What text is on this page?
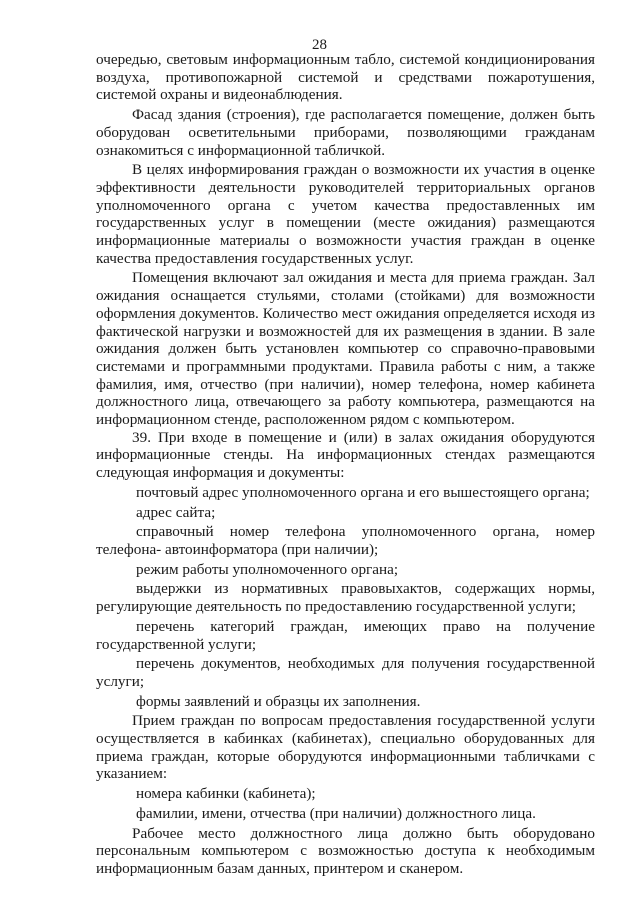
28

очередью, световым информационным табло, системой кондиционирования воздуха, противопожарной системой и средствами пожаротушения, системой охраны и видеонаблюдения.

Фасад здания (строения), где располагается помещение, должен быть оборудован осветительными приборами, позволяющими гражданам ознакомиться с информационной табличкой.

В целях информирования граждан о возможности их участия в оценке эффективности деятельности руководителей территориальных органов уполномоченного органа с учетом качества предоставленных им государственных услуг в помещении (месте ожидания) размещаются информационные материалы о возможности участия граждан в оценке качества предоставления государственных услуг.

Помещения включают зал ожидания и места для приема граждан. Зал ожидания оснащается стульями, столами (стойками) для возможности оформления документов. Количество мест ожидания определяется исходя из фактической нагрузки и возможностей для их размещения в здании. В зале ожидания должен быть установлен компьютер со справочно-правовыми системами и программными продуктами. Правила работы с ним, а также фамилия, имя, отчество (при наличии), номер телефона, номер кабинета должностного лица, отвечающего за работу компьютера, размещаются на информационном стенде, расположенном рядом с компьютером.

39. При входе в помещение и (или) в залах ожидания оборудуются информационные стенды. На информационных стендах размещаются следующая информация и документы:

почтовый адрес уполномоченного органа и его вышестоящего органа;

адрес сайта;

справочный номер телефона уполномоченного органа, номер телефона- автоинформатора (при наличии);

режим работы уполномоченного органа;

выдержки из нормативных правовыхактов, содержащих нормы, регулирующие деятельность по предоставлению государственной услуги;

перечень категорий граждан, имеющих право на получение государственной услуги;

перечень документов, необходимых для получения государственной услуги;

формы заявлений и образцы их заполнения.

Прием граждан по вопросам предоставления государственной услуги осуществляется в кабинках (кабинетах), специально оборудованных для приема граждан, которые оборудуются информационными табличками с указанием:

номера кабинки (кабинета);

фамилии, имени, отчества (при наличии) должностного лица.

Рабочее место должностного лица должно быть оборудовано персональным компьютером с возможностью доступа к необходимым информационным базам данных, принтером и сканером.
